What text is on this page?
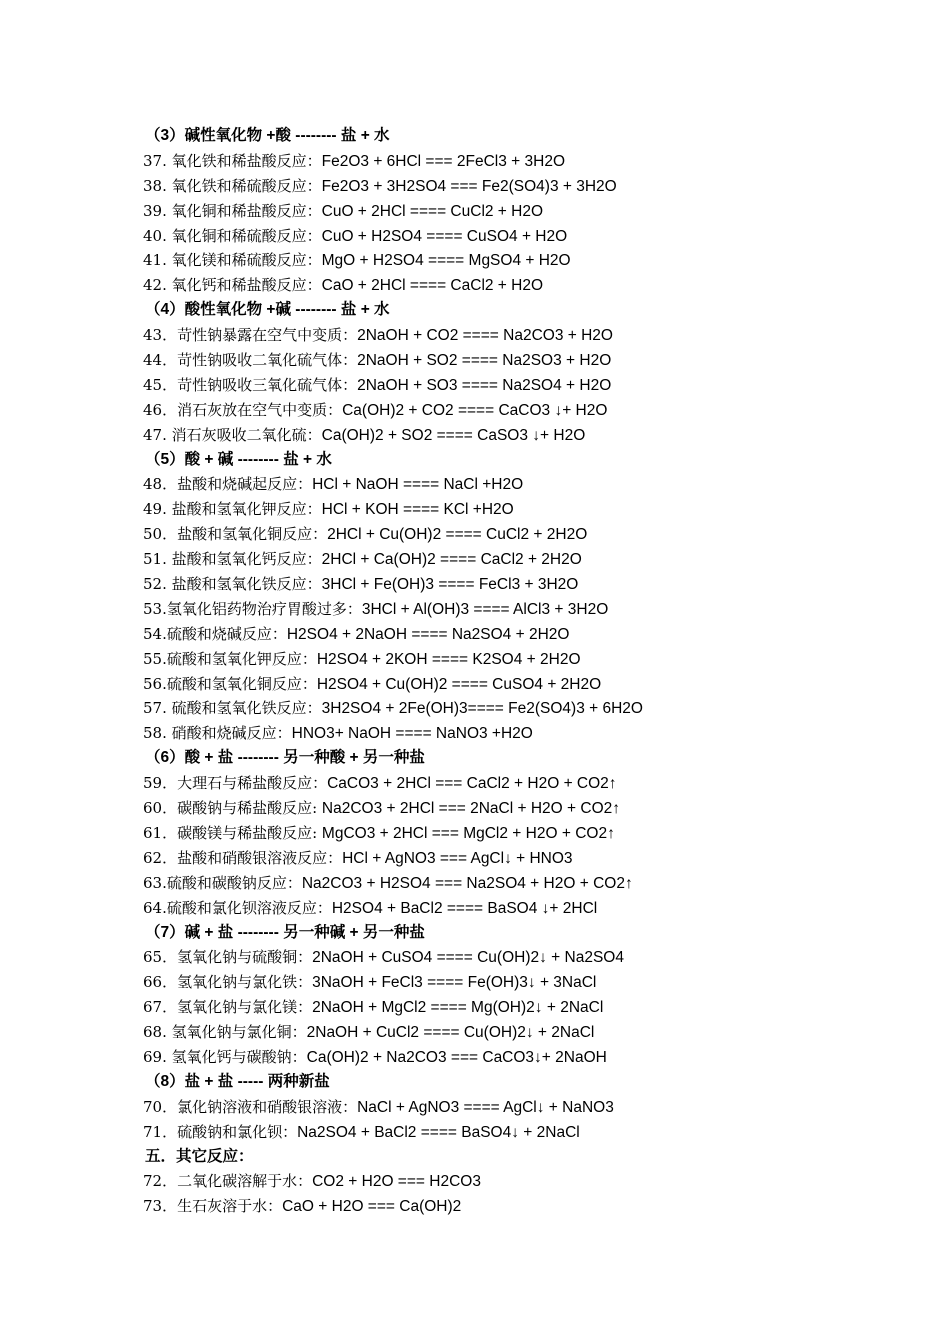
（3）碱性氧化物 +酸 -------- 盐 + 水
37. 氧化铁和稀盐酸反应：Fe2O3 + 6HCl === 2FeCl3 + 3H2O
38. 氧化铁和稀硫酸反应：Fe2O3 + 3H2SO4 === Fe2(SO4)3 + 3H2O
39. 氧化铜和稀盐酸反应：CuO + 2HCl ==== CuCl2 + H2O
40. 氧化铜和稀硫酸反应：CuO + H2SO4 ==== CuSO4 + H2O
41. 氧化镁和稀硫酸反应：MgO + H2SO4 ==== MgSO4 + H2O
42. 氧化钙和稀盐酸反应：CaO + 2HCl ==== CaCl2 + H2O
（4）酸性氧化物 +碱 -------- 盐 + 水
43．苛性钠暴露在空气中变质：2NaOH + CO2 ==== Na2CO3 + H2O
44．苛性钠吸收二氧化硫气体：2NaOH + SO2 ==== Na2SO3 + H2O
45．苛性钠吸收三氧化硫气体：2NaOH + SO3 ==== Na2SO4 + H2O
46．消石灰放在空气中变质：Ca(OH)2 + CO2 ==== CaCO3 ↓+ H2O
47. 消石灰吸收二氧化硫：Ca(OH)2 + SO2 ==== CaSO3 ↓+ H2O
（5）酸 + 碱 -------- 盐 + 水
48．盐酸和烧碱起反应：HCl + NaOH ==== NaCl +H2O
49. 盐酸和氢氧化钾反应：HCl + KOH ==== KCl +H2O
50．盐酸和氢氧化铜反应：2HCl + Cu(OH)2 ==== CuCl2 + 2H2O
51. 盐酸和氢氧化钙反应：2HCl + Ca(OH)2 ==== CaCl2 + 2H2O
52. 盐酸和氢氧化铁反应：3HCl + Fe(OH)3 ==== FeCl3 + 3H2O
53.氢氧化铝药物治疗胃酸过多：3HCl + Al(OH)3 ==== AlCl3 + 3H2O
54.硫酸和烧碱反应：H2SO4 + 2NaOH ==== Na2SO4 + 2H2O
55.硫酸和氢氧化钾反应：H2SO4 + 2KOH ==== K2SO4 + 2H2O
56.硫酸和氢氧化铜反应：H2SO4 + Cu(OH)2 ==== CuSO4 + 2H2O
57. 硫酸和氢氧化铁反应：3H2SO4 + 2Fe(OH)3==== Fe2(SO4)3 + 6H2O
58. 硝酸和烧碱反应：HNO3+ NaOH ==== NaNO3 +H2O
（6）酸 + 盐 -------- 另一种酸 + 另一种盐
59．大理石与稀盐酸反应：CaCO3 + 2HCl === CaCl2 + H2O + CO2↑
60．碳酸钠与稀盐酸反应: Na2CO3 + 2HCl === 2NaCl + H2O + CO2↑
61．碳酸镁与稀盐酸反应: MgCO3 + 2HCl === MgCl2 + H2O + CO2↑
62．盐酸和硝酸银溶液反应：HCl + AgNO3 === AgCl↓ + HNO3
63.硫酸和碳酸钠反应：Na2CO3 + H2SO4 === Na2SO4 + H2O + CO2↑
64.硫酸和氯化钡溶液反应：H2SO4 + BaCl2 ==== BaSO4 ↓+ 2HCl
（7）碱 + 盐 -------- 另一种碱 + 另一种盐
65．氢氧化钠与硫酸铜：2NaOH + CuSO4 ==== Cu(OH)2↓ + Na2SO4
66．氢氧化钠与氯化铁：3NaOH + FeCl3 ==== Fe(OH)3↓ + 3NaCl
67．氢氧化钠与氯化镁：2NaOH + MgCl2 ==== Mg(OH)2↓ + 2NaCl
68. 氢氧化钠与氯化铜：2NaOH + CuCl2 ==== Cu(OH)2↓ + 2NaCl
69. 氢氧化钙与碳酸钠：Ca(OH)2 + Na2CO3 === CaCO3↓+ 2NaOH
（8）盐 + 盐 ----- 两种新盐
70．氯化钠溶液和硝酸银溶液：NaCl + AgNO3 ==== AgCl↓ + NaNO3
71．硫酸钠和氯化钡：Na2SO4 + BaCl2 ==== BaSO4↓ + 2NaCl
五．其它反应：
72．二氧化碳溶解于水：CO2 + H2O === H2CO3
73．生石灰溶于水：CaO + H2O === Ca(OH)2
